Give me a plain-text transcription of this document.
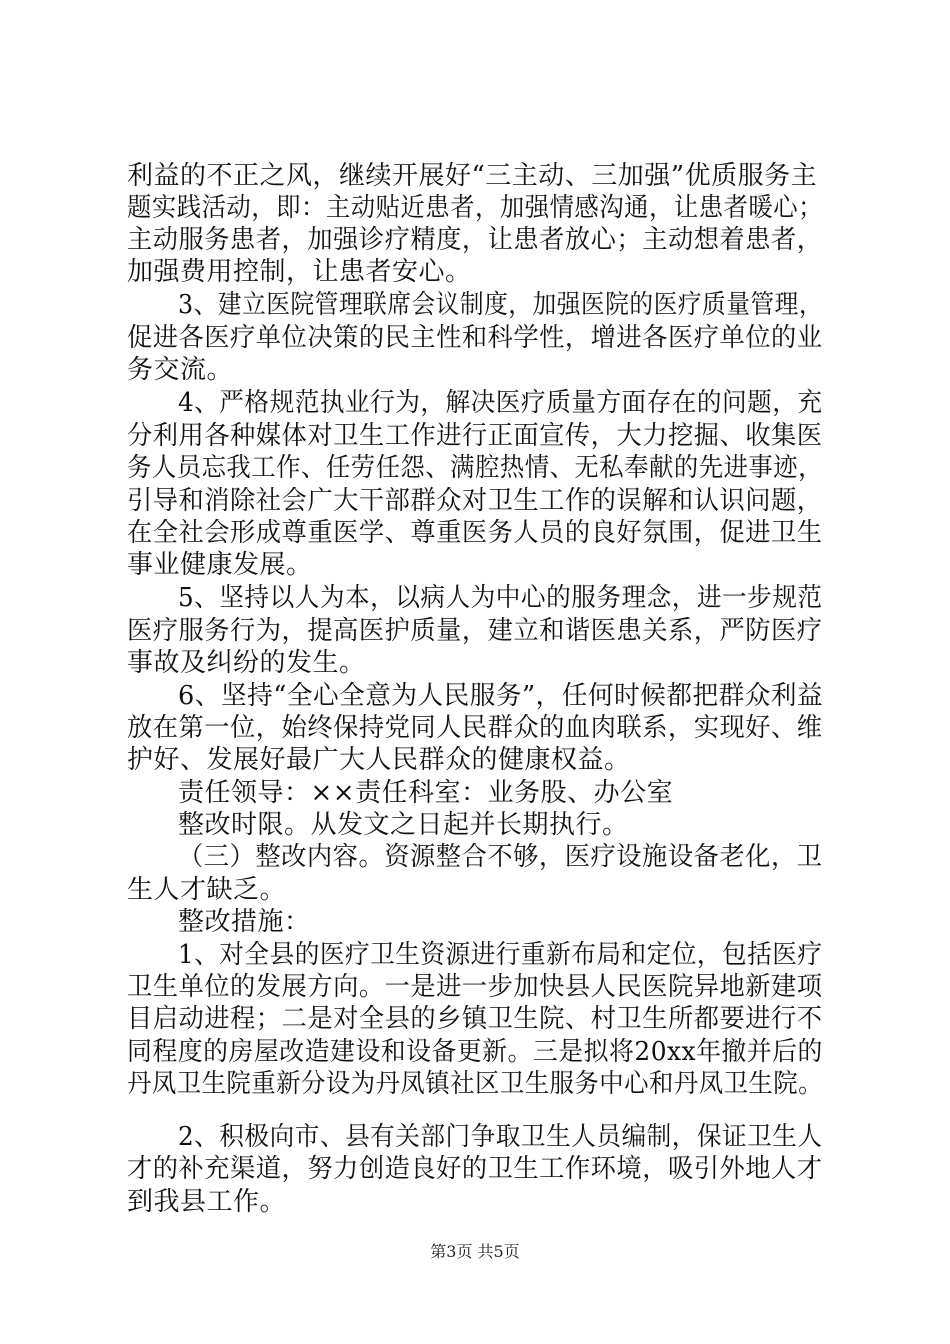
利益的不正之风，继续开展好“三主动、三加强”优质服务主
题实践活动，即：主动贴近患者，加强情感沟通，让患者暖心；
主动服务患者，加强诊疗精度，让患者放心；主动想着患者，
加强费用控制，让患者安心。
3、建立医院管理联席会议制度，加强医院的医疗质量管理，
促进各医疗单位决策的民主性和科学性，增进各医疗单位的业
务交流。
4、严格规范执业行为，解决医疗质量方面存在的问题，充
分利用各种媒体对卫生工作进行正面宣传，大力挖掘、收集医
务人员忘我工作、任劳任怨、满腔热情、无私奉献的先进事迹，
引导和消除社会广大干部群众对卫生工作的误解和认识问题，
在全社会形成尊重医学、尊重医务人员的良好氛围，促进卫生
事业健康发展。
5、坚持以人为本，以病人为中心的服务理念，进一步规范
医疗服务行为，提高医护质量，建立和谐医患关系，严防医疗
事故及纠纷的发生。
6、坚持“全心全意为人民服务”，任何时候都把群众利益
放在第一位，始终保持党同人民群众的血肉联系，实现好、维
护好、发展好最广大人民群众的健康权益。
责任领导：××责任科室：业务股、办公室
整改时限。从发文之日起并长期执行。
（三）整改内容。资源整合不够，医疗设施设备老化，卫
生人才缺乏。
整改措施：
1、对全县的医疗卫生资源进行重新布局和定位，包括医疗
卫生单位的发展方向。一是进一步加快县人民医院异地新建项
目启动进程；二是对全县的乡镇卫生院、村卫生所都要进行不
同程度的房屋改造建设和设备更新。三是拟将20xx年撤并后的
丹凤卫生院重新分设为丹凤镇社区卫生服务中心和丹凤卫生院。
2、积极向市、县有关部门争取卫生人员编制，保证卫生人
才的补充渠道，努力创造良好的卫生工作环境，吸引外地人才
到我县工作。
第3页 共5页
